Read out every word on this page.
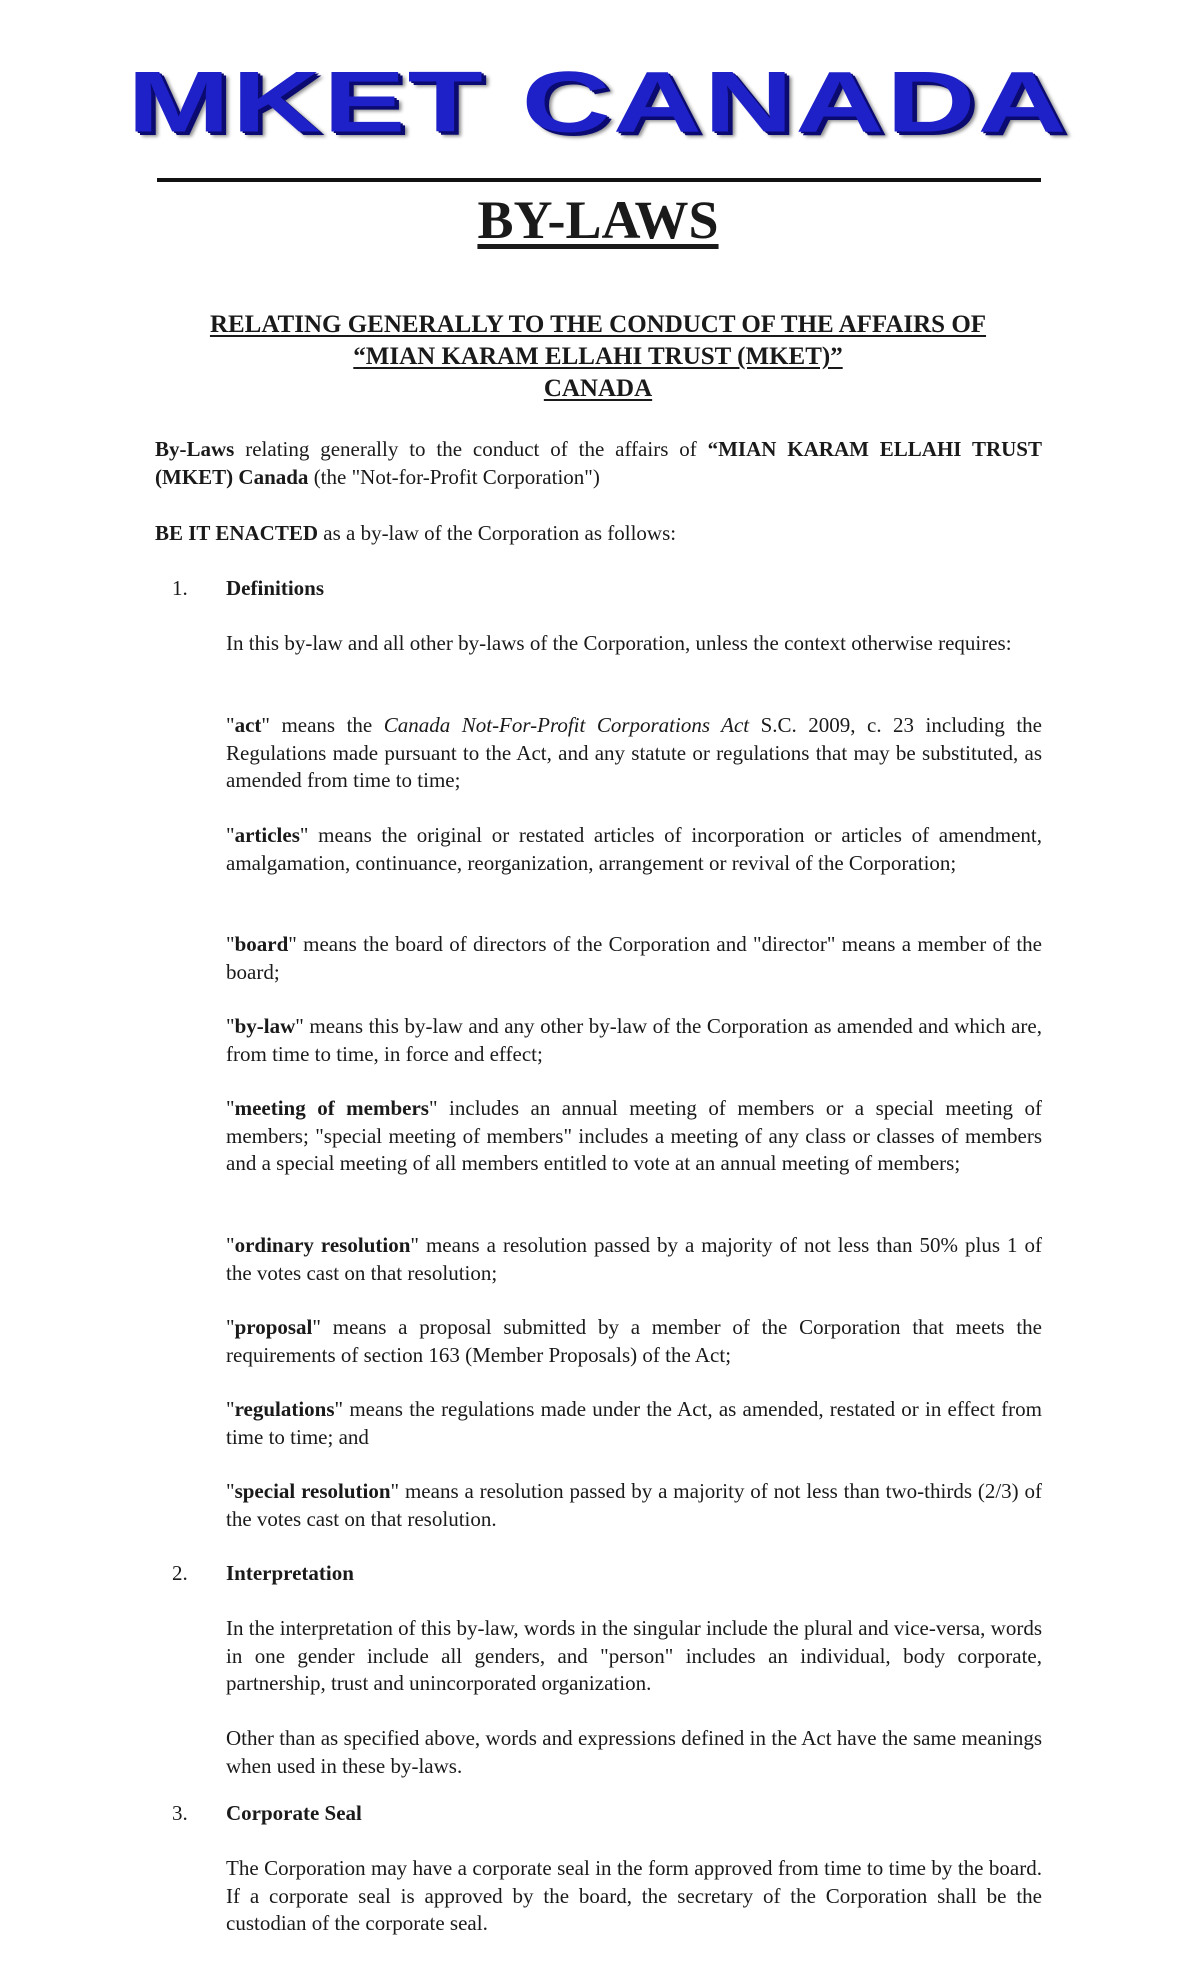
MKET CANADA
BY-LAWS
RELATING GENERALLY TO THE CONDUCT OF THE AFFAIRS OF
“MIAN KARAM ELLAHI TRUST (MKET)”
CANADA
By-Laws relating generally to the conduct of the affairs of “MIAN KARAM ELLAHI TRUST (MKET) Canada (the "Not-for-Profit Corporation")
BE IT ENACTED as a by-law of the Corporation as follows:
1. Definitions
In this by-law and all other by-laws of the Corporation, unless the context otherwise requires:
"act" means the Canada Not-For-Profit Corporations Act S.C. 2009, c. 23 including the Regulations made pursuant to the Act, and any statute or regulations that may be substituted, as amended from time to time;
"articles" means the original or restated articles of incorporation or articles of amendment, amalgamation, continuance, reorganization, arrangement or revival of the Corporation;
"board" means the board of directors of the Corporation and "director" means a member of the board;
"by-law" means this by-law and any other by-law of the Corporation as amended and which are, from time to time, in force and effect;
"meeting of members" includes an annual meeting of members or a special meeting of members; "special meeting of members" includes a meeting of any class or classes of members and a special meeting of all members entitled to vote at an annual meeting of members;
"ordinary resolution" means a resolution passed by a majority of not less than 50% plus 1 of the votes cast on that resolution;
"proposal" means a proposal submitted by a member of the Corporation that meets the requirements of section 163 (Member Proposals) of the Act;
"regulations" means the regulations made under the Act, as amended, restated or in effect from time to time; and
"special resolution" means a resolution passed by a majority of not less than two-thirds (2/3) of the votes cast on that resolution.
2. Interpretation
In the interpretation of this by-law, words in the singular include the plural and vice-versa, words in one gender include all genders, and "person" includes an individual, body corporate, partnership, trust and unincorporated organization.
Other than as specified above, words and expressions defined in the Act have the same meanings when used in these by-laws.
3. Corporate Seal
The Corporation may have a corporate seal in the form approved from time to time by the board. If a corporate seal is approved by the board, the secretary of the Corporation shall be the custodian of the corporate seal.
